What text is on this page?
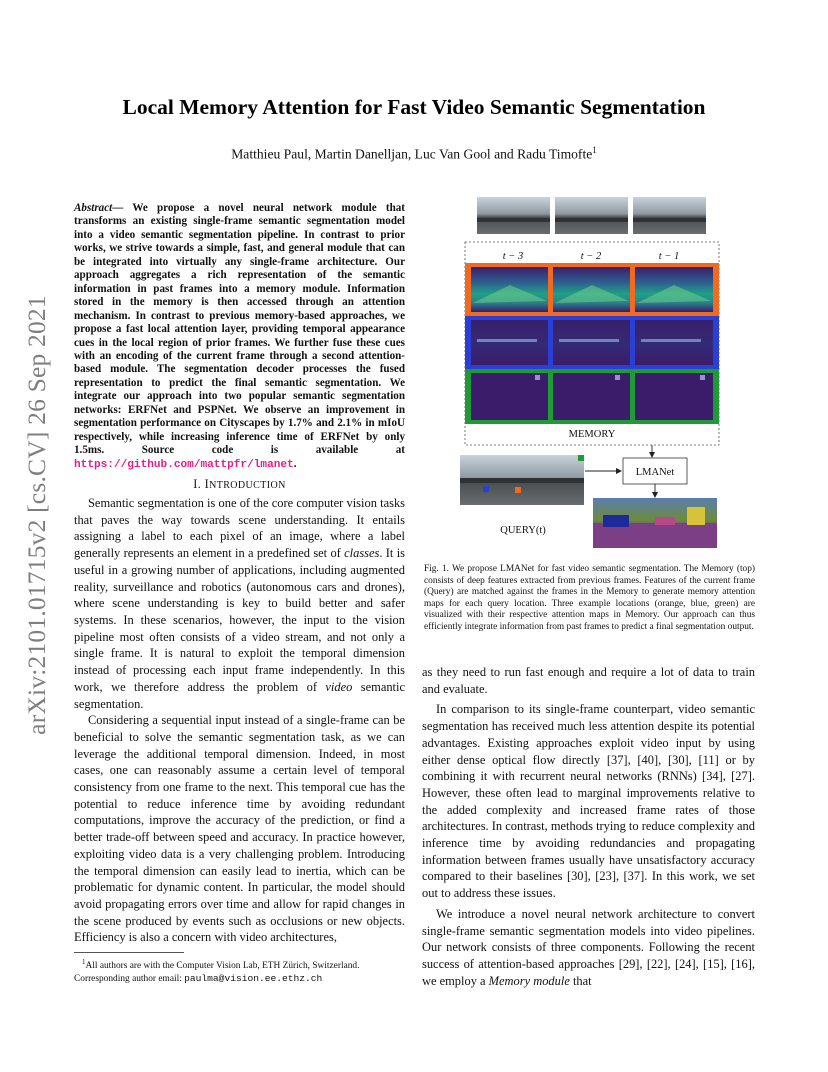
arXiv:2101.01715v2 [cs.CV] 26 Sep 2021
Local Memory Attention for Fast Video Semantic Segmentation
Matthieu Paul, Martin Danelljan, Luc Van Gool and Radu Timofte$^1$
Abstract— We propose a novel neural network module that transforms an existing single-frame semantic segmentation model into a video semantic segmentation pipeline. In contrast to prior works, we strive towards a simple, fast, and general module that can be integrated into virtually any single-frame architecture. Our approach aggregates a rich representation of the semantic information in past frames into a memory module. Information stored in the memory is then accessed through an attention mechanism. In contrast to previous memory-based approaches, we propose a fast local attention layer, providing temporal appearance cues in the local region of prior frames. We further fuse these cues with an encoding of the current frame through a second attention-based module. The segmentation decoder processes the fused representation to predict the final semantic segmentation. We integrate our approach into two popular semantic segmentation networks: ERFNet and PSPNet. We observe an improvement in segmentation performance on Cityscapes by 1.7% and 2.1% in mIoU respectively, while increasing inference time of ERFNet by only 1.5ms. Source code is available at https://github.com/mattpfr/lmanet.
I. INTRODUCTION

Semantic segmentation is one of the core computer vision tasks that paves the way towards scene understanding. It entails assigning a label to each pixel of an image, where a label generally represents an element in a predefined set of classes. It is useful in a growing number of applications, including augmented reality, surveillance and robotics (autonomous cars and drones), where scene understanding is key to build better and safer systems. In these scenarios, however, the input to the vision pipeline most often consists of a video stream, and not only a single frame. It is natural to exploit the temporal dimension instead of processing each input frame independently. In this work, we therefore address the problem of video semantic segmentation.

Considering a sequential input instead of a single-frame can be beneficial to solve the semantic segmentation task, as we can leverage the additional temporal dimension. Indeed, in most cases, one can reasonably assume a certain level of temporal consistency from one frame to the next. This temporal cue has the potential to reduce inference time by avoiding redundant computations, improve the accuracy of the prediction, or find a better trade-off between speed and accuracy. In practice however, exploiting video data is a very challenging problem. Introducing the temporal dimension can easily lead to inertia, which can be problematic for dynamic content. In particular, the model should avoid propagating errors over time and allow for rapid changes in the scene produced by events such as occlusions or new objects. Efficiency is also a concern with video architectures,

$^1$All authors are with the Computer Vision Lab, ETH Zürich, Switzerland.
Corresponding author email: paulma@vision.ee.ethz.ch
t − 3	t − 2	t − 1
MEMORY
LMANet
QUERY(t)
Fig. 1. We propose LMANet for fast video semantic segmentation. The Memory (top) consists of deep features extracted from previous frames. Features of the current frame (Query) are matched against the frames in the Memory to generate memory attention maps for each query location. Three example locations (orange, blue, green) are visualized with their respective attention maps in Memory. Our approach can thus efficiently integrate information from past frames to predict a final segmentation output.

as they need to run fast enough and require a lot of data to train and evaluate.

In comparison to its single-frame counterpart, video semantic segmentation has received much less attention despite its potential advantages. Existing approaches exploit video input by using either dense optical flow directly [37], [40], [30], [11] or by combining it with recurrent neural networks (RNNs) [34], [27]. However, these often lead to marginal improvements relative to the added complexity and increased frame rates of those architectures. In contrast, methods trying to reduce complexity and inference time by avoiding redundancies and propagating information between frames usually have unsatisfactory accuracy compared to their baselines [30], [23], [37]. In this work, we set out to address these issues.

We introduce a novel neural network architecture to convert single-frame semantic segmentation models into video pipelines. Our network consists of three components. Following the recent success of attention-based approaches [29], [22], [24], [15], [16], we employ a Memory module that
